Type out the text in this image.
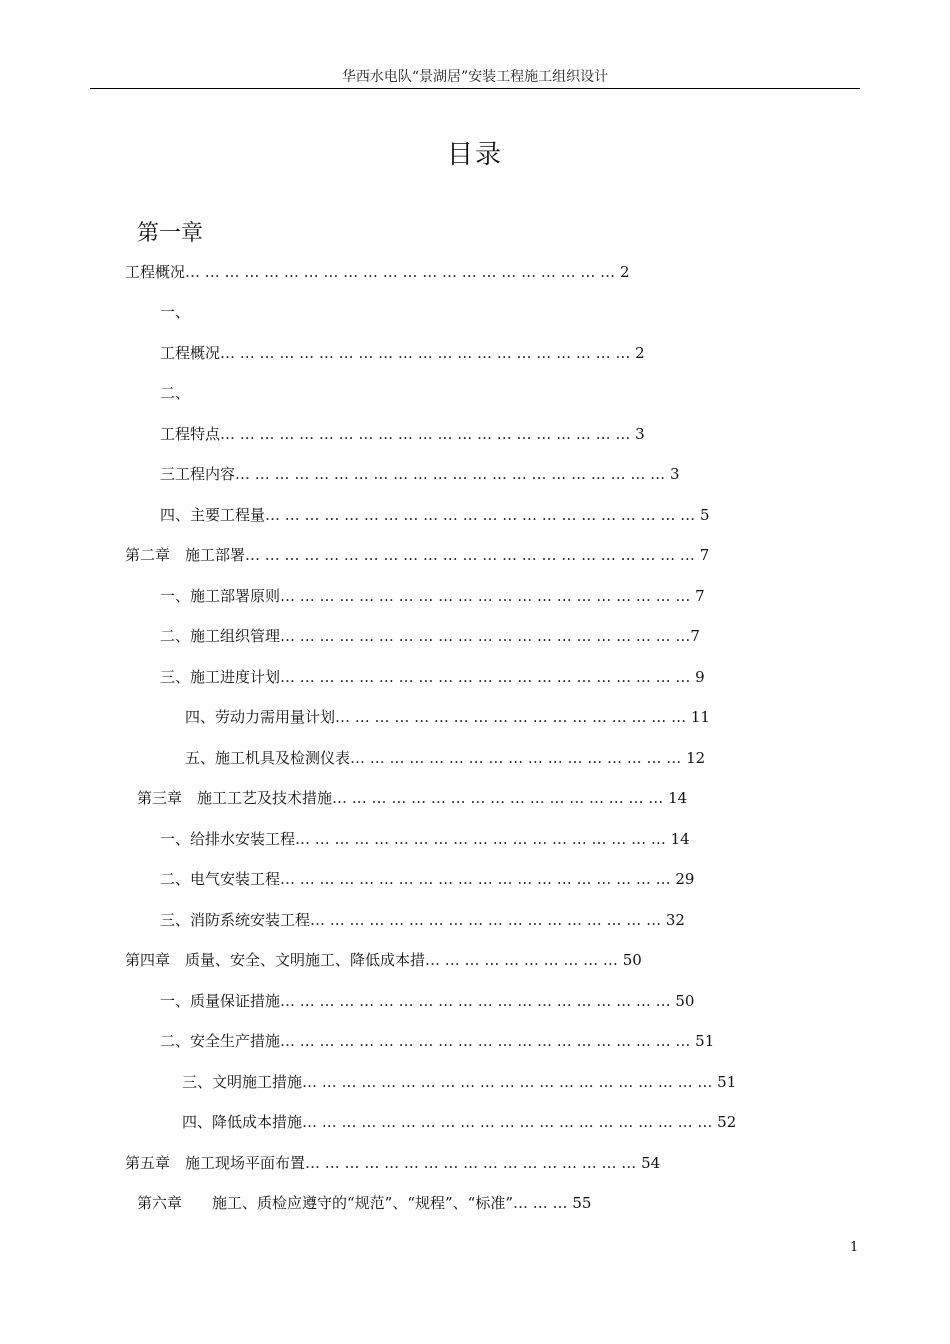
华西水电队“景湖居”安装工程施工组织设计
目录
第一章
工程概况… … … … … … … … … … … … … … … … … … … … … … 2
一、
工程概况… … … … … … … … … … … … … … … … … … … … … 2
二、
工程特点… … … … … … … … … … … … … … … … … … … … … 3
三工程内容… … … … … … … … … … … … … … … … … … … … … … 3
四、主要工程量… … … … … … … … … … … … … … … … … … … … … … 5
第二章　施工部署… … … … … … … … … … … … … … … … … … … … … … … 7
一、施工部署原则… … … … … … … … … … … … … … … … … … … … … 7
二、施工组织管理… … … … … … … … … … … … … … … … … … … … …7
三、施工进度计划… … … … … … … … … … … … … … … … … … … … … 9
四、劳动力需用量计划… … … … … … … … … … … … … … … … … … 11
五、施工机具及检测仪表… … … … … … … … … … … … … … … … … 12
第三章　施工工艺及技术措施… … … … … … … … … … … … … … … … … 14
一、给排水安装工程… … … … … … … … … … … … … … … … … … … 14
二、电气安装工程… … … … … … … … … … … … … … … … … … … … 29
三、消防系统安装工程… … … … … … … … … … … … … … … … … … 32
第四章　质量、安全、文明施工、降低成本措… … … … … … … … … … 50
一、质量保证措施… … … … … … … … … … … … … … … … … … … … 50
二、安全生产措施… … … … … … … … … … … … … … … … … … … … … 51
三、文明施工措施… … … … … … … … … … … … … … … … … … … … … 51
四、降低成本措施… … … … … … … … … … … … … … … … … … … … … 52
第五章　施工现场平面布置… … … … … … … … … … … … … … … … … 54
第六章　　施工、质检应遵守的“规范”、“规程”、“标准”… … … 55
1
